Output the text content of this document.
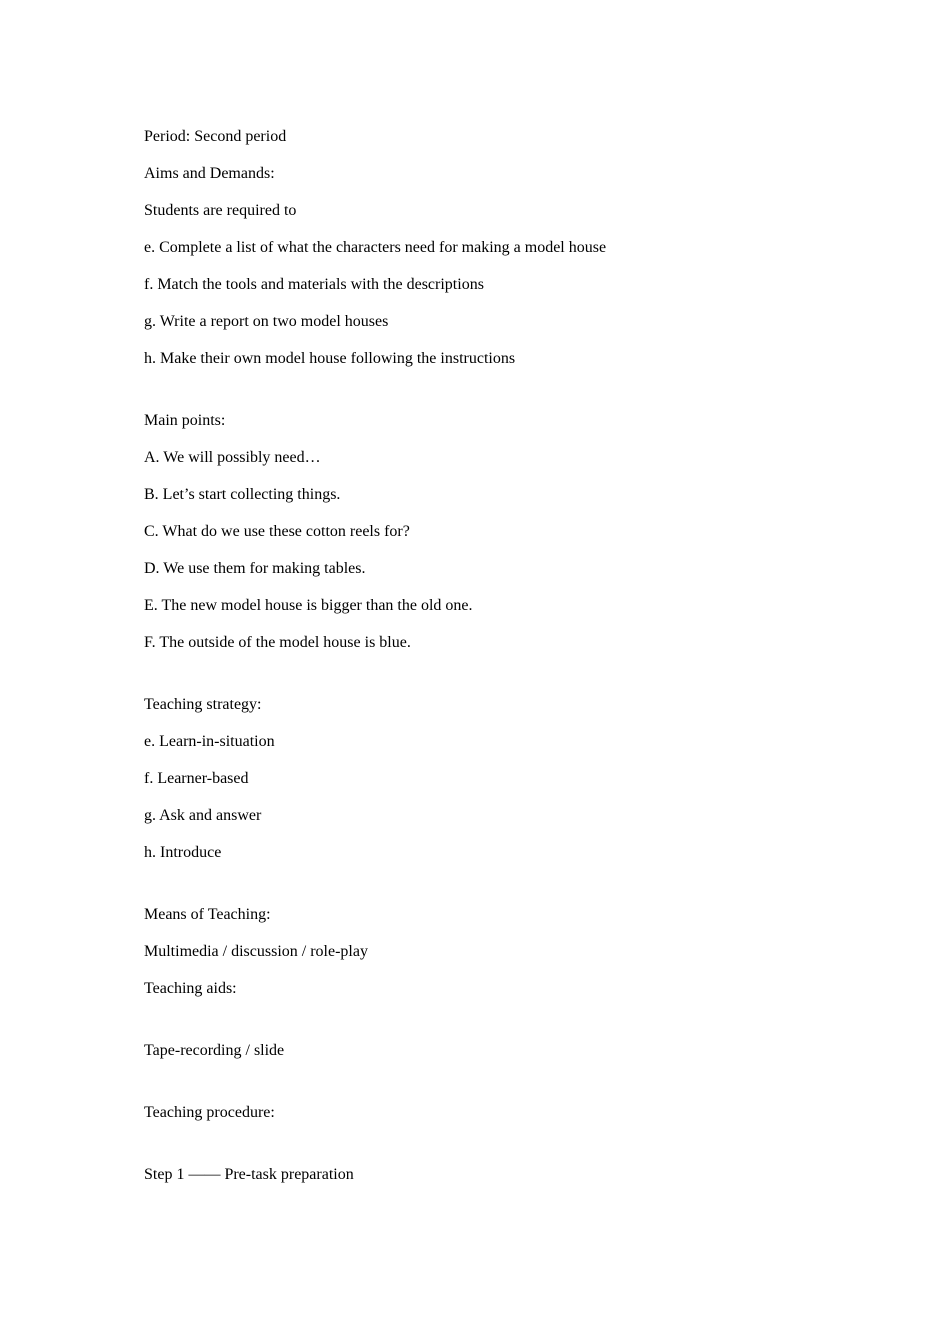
Period: Second period
Aims and Demands:
Students are required to
e. Complete a list of what the characters need for making a model house
f. Match the tools and materials with the descriptions
g. Write a report on two model houses
h. Make their own model house following the instructions
Main points:
A. We will possibly need…
B. Let’s start collecting things.
C. What do we use these cotton reels for?
D. We use them for making tables.
E. The new model house is bigger than the old one.
F. The outside of the model house is blue.
Teaching strategy:
e. Learn-in-situation
f. Learner-based
g. Ask and answer
h. Introduce
Means of Teaching:
Multimedia / discussion / role-play
Teaching aids:
Tape-recording / slide
Teaching procedure:
Step 1 —— Pre-task preparation
